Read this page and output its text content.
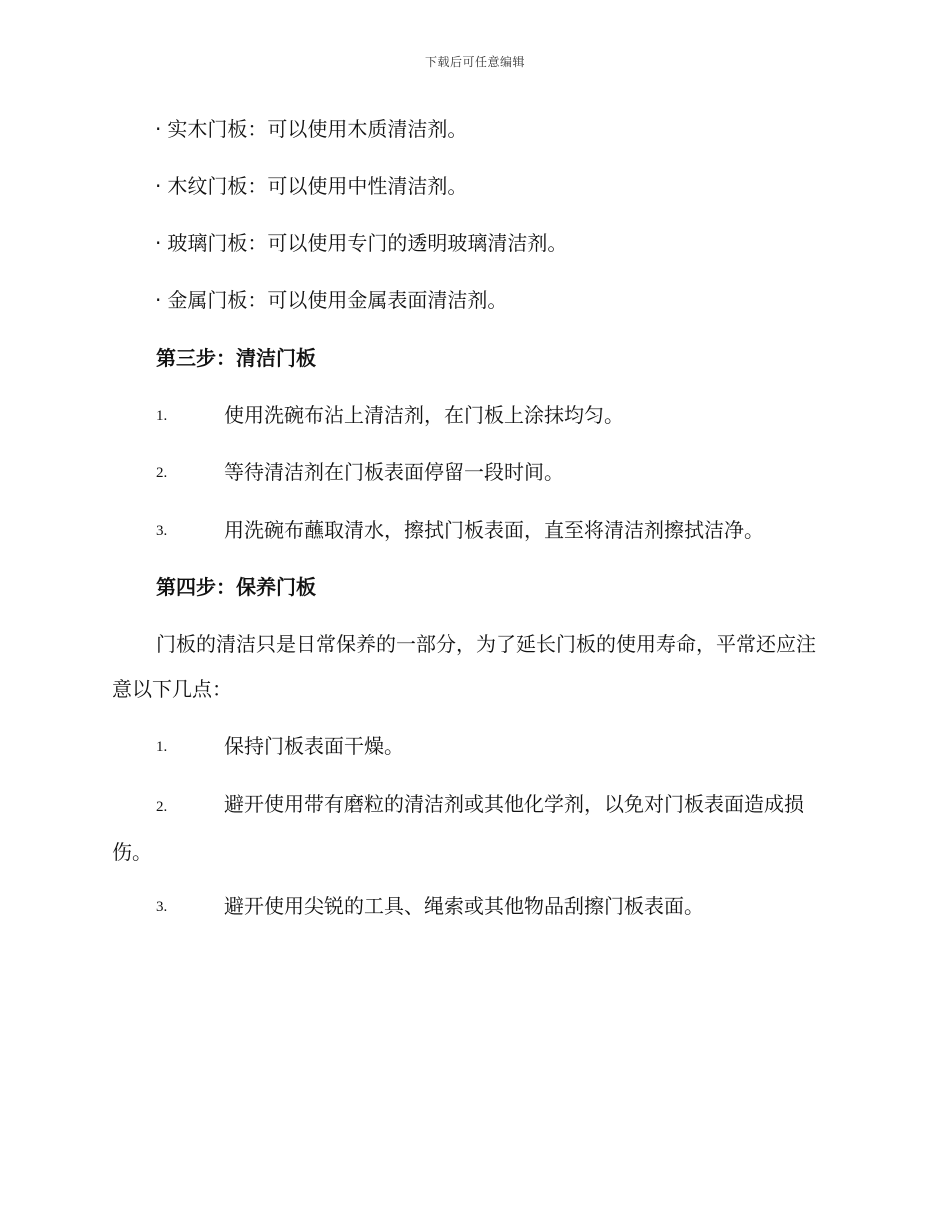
下载后可任意编辑
· 实木门板：可以使用木质清洁剂。
· 木纹门板：可以使用中性清洁剂。
· 玻璃门板：可以使用专门的透明玻璃清洁剂。
· 金属门板：可以使用金属表面清洁剂。
第三步：清洁门板
1.	使用洗碗布沾上清洁剂，在门板上涂抹均匀。
2.	等待清洁剂在门板表面停留一段时间。
3.	用洗碗布蘸取清水，擦拭门板表面，直至将清洁剂擦拭洁净。
第四步：保养门板
门板的清洁只是日常保养的一部分，为了延长门板的使用寿命，平常还应注意以下几点：
1.	保持门板表面干燥。
2.	避开使用带有磨粒的清洁剂或其他化学剂，以免对门板表面造成损伤。
3.	避开使用尖锐的工具、绳索或其他物品刮擦门板表面。
